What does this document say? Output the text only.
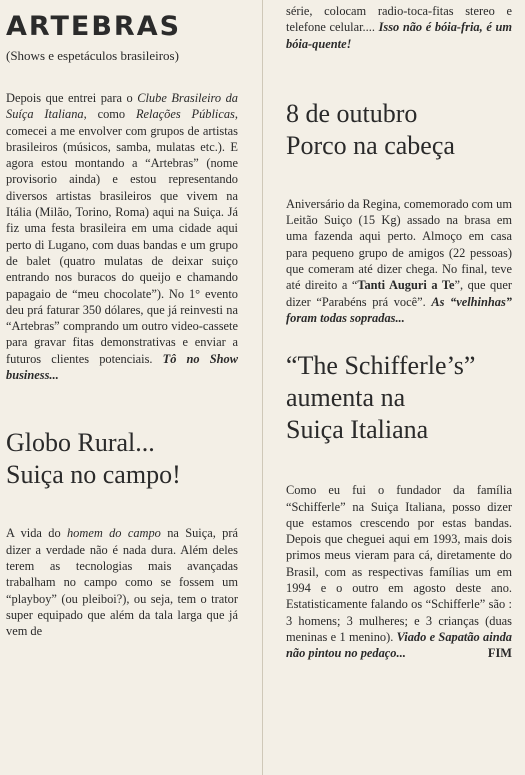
ARTEBRAS
(Shows e espetáculos brasileiros)

Depois que entrei para o Clube Brasileiro da Suíça Italiana, como Relações Públicas, comecei a me envolver com grupos de artistas brasileiros (músicos, samba, mulatas etc.). E agora estou montando a “Artebras” (nome provisorio ainda) e estou representando diversos artistas brasileiros que vivem na Itália (Milão, Torino, Roma) aqui na Suiça. Já fiz uma festa brasileira em uma cidade aqui perto di Lugano, com duas bandas e um grupo de balet (quatro mulatas de deixar suiço entrando nos buracos do queijo e chamando papagaio de “meu chocolate”). No 1° evento deu prá faturar 350 dólares, que já reinvesti na “Artebras” comprando um outro video-cassete para gravar fitas demonstrativas e enviar a futuros clientes potenciais. Tô no Show business...

Globo Rural...
Suiça no campo!

A vida do homem do campo na Suiça, prá dizer a verdade não é nada dura. Além deles terem as tecnologias mais avançadas trabalham no campo como se fossem um “playboy” (ou pleiboi?), ou seja, tem o trator super equipado que além da tala larga que já vem de

série, colocam radio-toca-fitas stereo e telefone celular.... Isso não é bóia-fria, é um bóia-quente!

8 de outubro
Porco na cabeça

Aniversário da Regina, comemorado com um Leitão Suiço (15 Kg) assado na brasa em uma fazenda aqui perto. Almoço em casa para pequeno grupo de amigos (22 pessoas) que comeram até dizer chega. No final, teve até direito a “Tanti Auguri a Te”, que quer dizer “Parabéns prá você”. As “velhinhas” foram todas sopradas...

“The Schifferle’s”
aumenta na
Suiça Italiana

Como eu fui o fundador da família “Schifferle” na Suiça Italiana, posso dizer que estamos crescendo por estas bandas. Depois que cheguei aqui em 1993, mais dois primos meus vieram para cá, diretamente do Brasil, com as respectivas famílias um em 1994 e o outro em agosto deste ano. Estatisticamente falando os “Schifferle” são : 3 homens; 3 mulheres; e 3 crianças (duas meninas e 1 menino). Viado e Sapatão ainda não pintou no pedaço...	FIM
